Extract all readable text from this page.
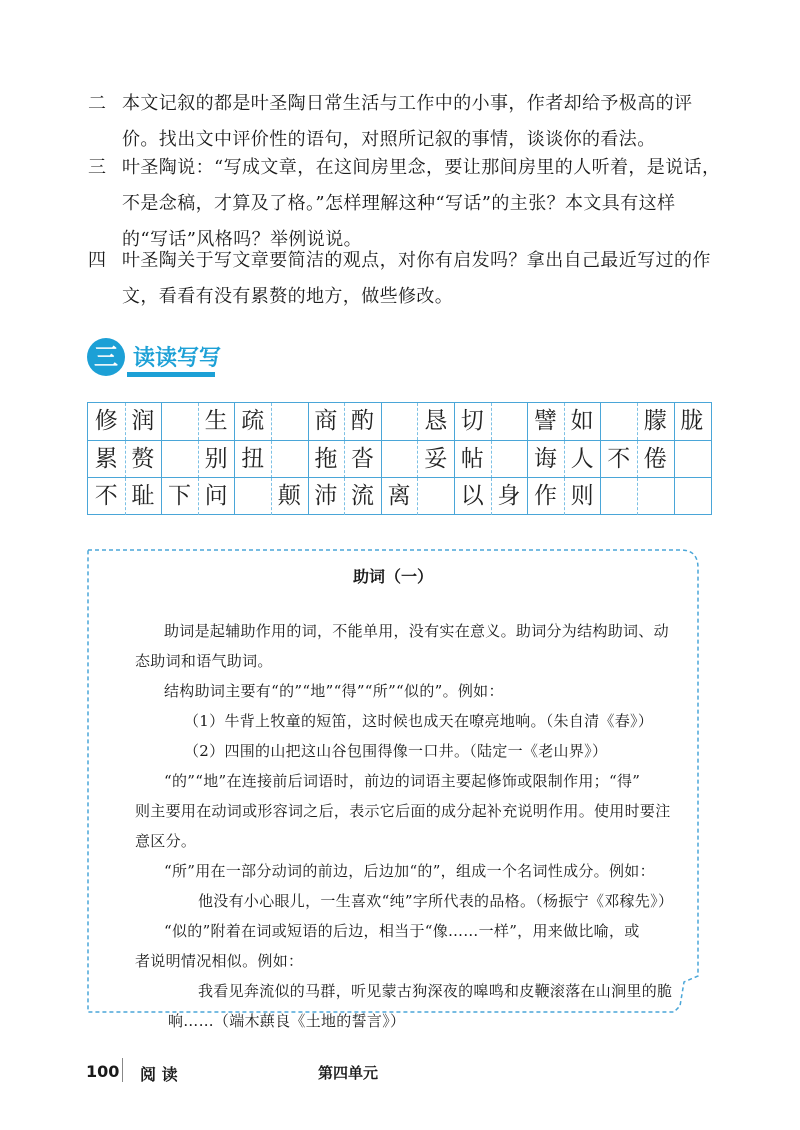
二 本文记叙的都是叶圣陶日常生活与工作中的小事，作者却给予极高的评
价。找出文中评价性的语句，对照所记叙的事情，谈谈你的看法。
三 叶圣陶说：“写成文章，在这间房里念，要让那间房里的人听着，是说话，
不是念稿，才算及了格。”怎样理解这种“写话”的主张？本文具有这样
的“写话”风格吗？举例说说。
四 叶圣陶关于写文章要简洁的观点，对你有启发吗？拿出自己最近写过的作
文，看看有没有累赘的地方，做些修改。
三 读读写写
修 润 生 疏 商 酌 恳 切 譬 如 朦 胧
累 赘 别 扭 拖 沓 妥 帖 诲 人 不 倦
不 耻 下 问 颠 沛 流 离 以 身 作 则
助词（一）
助词是起辅助作用的词，不能单用，没有实在意义。助词分为结构助词、动
态助词和语气助词。
结构助词主要有“的”“地”“得”“所”“似的”。例如：
（1）牛背上牧童的短笛，这时候也成天在嘹亮地响。（朱自清《春》）
（2）四围的山把这山谷包围得像一口井。（陆定一《老山界》）
“的”“地”在连接前后词语时，前边的词语主要起修饰或限制作用；“得”
则主要用在动词或形容词之后，表示它后面的成分起补充说明作用。使用时要注
意区分。
“所”用在一部分动词的前边，后边加“的”，组成一个名词性成分。例如：
他没有小心眼儿，一生喜欢“纯”字所代表的品格。（杨振宁《邓稼先》）
“似的”附着在词或短语的后边，相当于“像……一样”，用来做比喻，或
者说明情况相似。例如：
我看见奔流似的马群，听见蒙古狗深夜的嗥鸣和皮鞭滚落在山涧里的脆
响……（端木蕻良《土地的誓言》）
100 阅 读	第四单元
